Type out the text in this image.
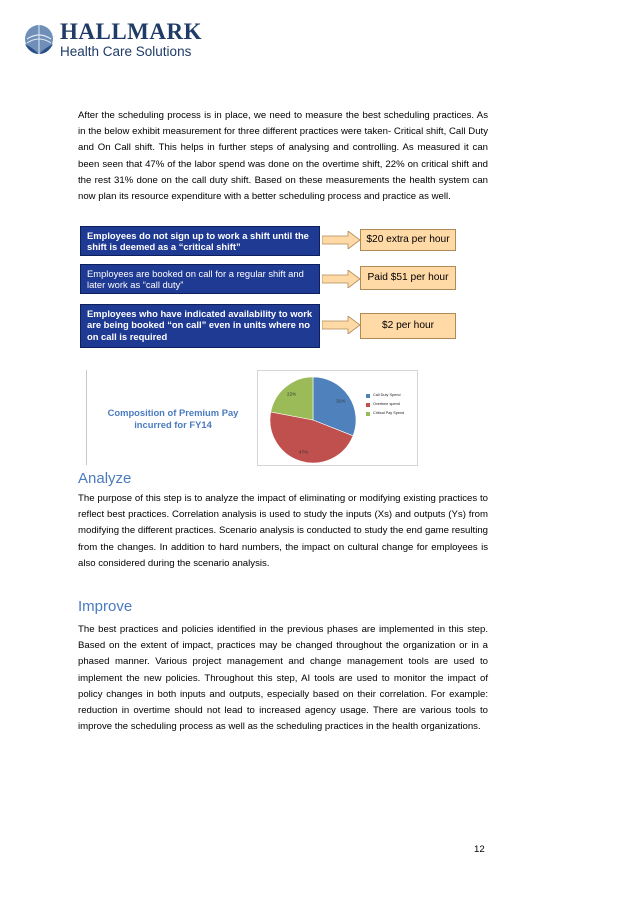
HALLMARK
Health Care Solutions
After the scheduling process is in place, we need to measure the best scheduling practices. As in the below exhibit measurement for three different practices were taken- Critical shift, Call Duty and On Call shift. This helps in further steps of analysing and controlling. As measured it can been seen that 47% of the labor spend was done on the overtime shift, 22% on critical shift and the rest 31% done on the call duty shift. Based on these measurements the health system can now plan its resource expenditure with a better scheduling process and practice as well.
Employees do not sign up to work a shift until the shift is deemed as a “critical shift”
$20 extra per hour
Employees are booked on call for a regular shift and later work as “call duty”
Paid $51 per hour
Employees who have indicated availability to work are being booked “on call” even in units where no on call is required
$2 per hour
Composition of Premium Pay incurred for FY14
31%
47%
22%	Call Duty Spend
Overtime spend
Critical Pay Spend
Analyze
The purpose of this step is to analyze the impact of eliminating or modifying existing practices to reflect best practices. Correlation analysis is used to study the inputs (Xs) and outputs (Ys) from modifying the different practices. Scenario analysis is conducted to study the end game resulting from the changes. In addition to hard numbers, the impact on cultural change for employees is also considered during the scenario analysis.
Improve
The best practices and policies identified in the previous phases are implemented in this step. Based on the extent of impact, practices may be changed throughout the organization or in a phased manner. Various project management and change management tools are used to implement the new policies. Throughout this step, AI tools are used to monitor the impact of policy changes in both inputs and outputs, especially based on their correlation. For example: reduction in overtime should not lead to increased agency usage. There are various tools to improve the scheduling process as well as the scheduling practices in the health organizations.
12
